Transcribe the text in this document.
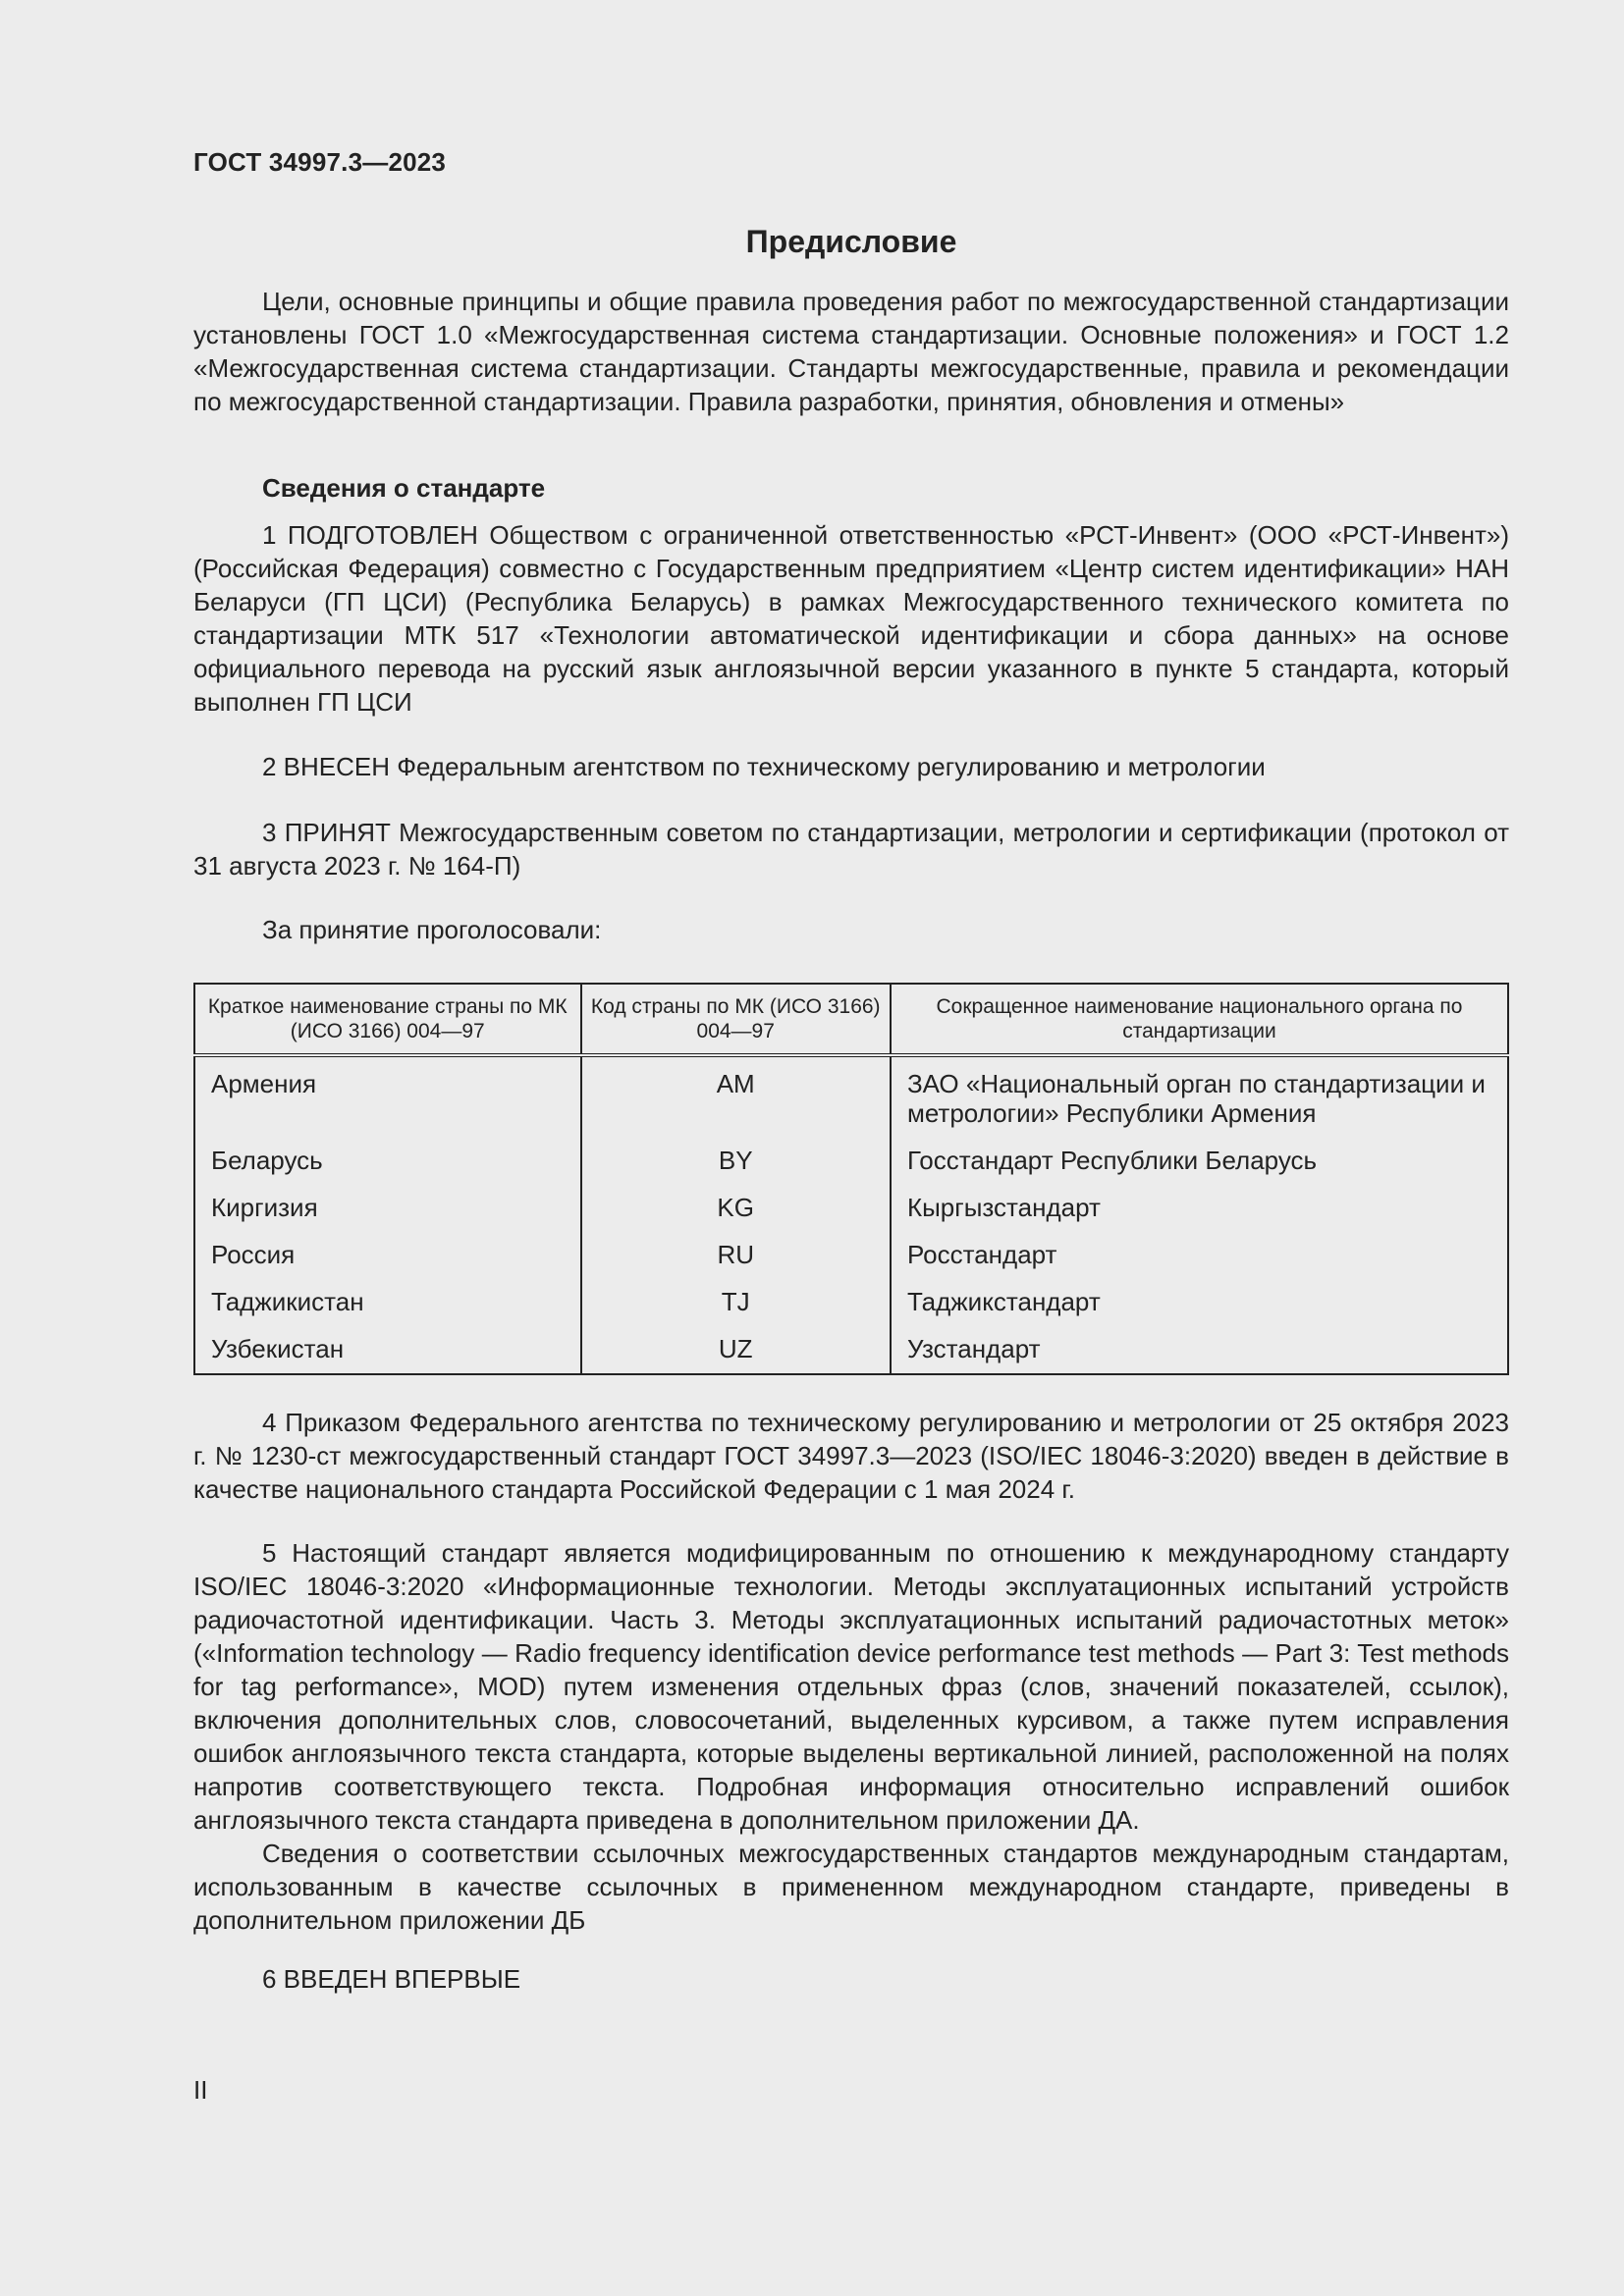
ГОСТ 34997.3—2023
Предисловие

Цели, основные принципы и общие правила проведения работ по межгосударственной стандартизации установлены ГОСТ 1.0 «Межгосударственная система стандартизации. Основные положения» и ГОСТ 1.2 «Межгосударственная система стандартизации. Стандарты межгосударственные, правила и рекомендации по межгосударственной стандартизации. Правила разработки, принятия, обновления и отмены»

Сведения о стандарте

1 ПОДГОТОВЛЕН Обществом с ограниченной ответственностью «РСТ-Инвент» (ООО «РСТ-Инвент») (Российская Федерация) совместно с Государственным предприятием «Центр систем идентификации» НАН Беларуси (ГП ЦСИ) (Республика Беларусь) в рамках Межгосударственного технического комитета по стандартизации МТК 517 «Технологии автоматической идентификации и сбора данных» на основе официального перевода на русский язык англоязычной версии указанного в пункте 5 стандарта, который выполнен ГП ЦСИ

2 ВНЕСЕН Федеральным агентством по техническому регулированию и метрологии

3 ПРИНЯТ Межгосударственным советом по стандартизации, метрологии и сертификации (протокол от 31 августа 2023 г. № 164-П)

За принятие проголосовали:

Краткое наименование страны по МК (ИСО 3166) 004—97	Код страны по МК (ИСО 3166) 004—97	Сокращенное наименование национального органа по стандартизации
Армения	AM	ЗАО «Национальный орган по стандартизации и метрологии» Республики Армения
Беларусь	BY	Госстандарт Республики Беларусь
Киргизия	KG	Кыргызстандарт
Россия	RU	Росстандарт
Таджикистан	TJ	Таджикстандарт
Узбекистан	UZ	Узстандарт

4 Приказом Федерального агентства по техническому регулированию и метрологии от 25 октября 2023 г. № 1230-ст межгосударственный стандарт ГОСТ 34997.3—2023 (ISO/IEC 18046-3:2020) введен в действие в качестве национального стандарта Российской Федерации с 1 мая 2024 г.

5 Настоящий стандарт является модифицированным по отношению к международному стандарту ISO/IEC 18046-3:2020 «Информационные технологии. Методы эксплуатационных испытаний устройств радиочастотной идентификации. Часть 3. Методы эксплуатационных испытаний радиочастотных меток» («Information technology — Radio frequency identification device performance test methods — Part 3: Test methods for tag performance», MOD) путем изменения отдельных фраз (слов, значений показателей, ссылок), включения дополнительных слов, словосочетаний, выделенных курсивом, а также путем исправления ошибок англоязычного текста стандарта, которые выделены вертикальной линией, расположенной на полях напротив соответствующего текста. Подробная информация относительно исправлений ошибок англоязычного текста стандарта приведена в дополнительном приложении ДА.

Сведения о соответствии ссылочных межгосударственных стандартов международным стандартам, использованным в качестве ссылочных в примененном международном стандарте, приведены в дополнительном приложении ДБ

6 ВВЕДЕН ВПЕРВЫЕ

II
